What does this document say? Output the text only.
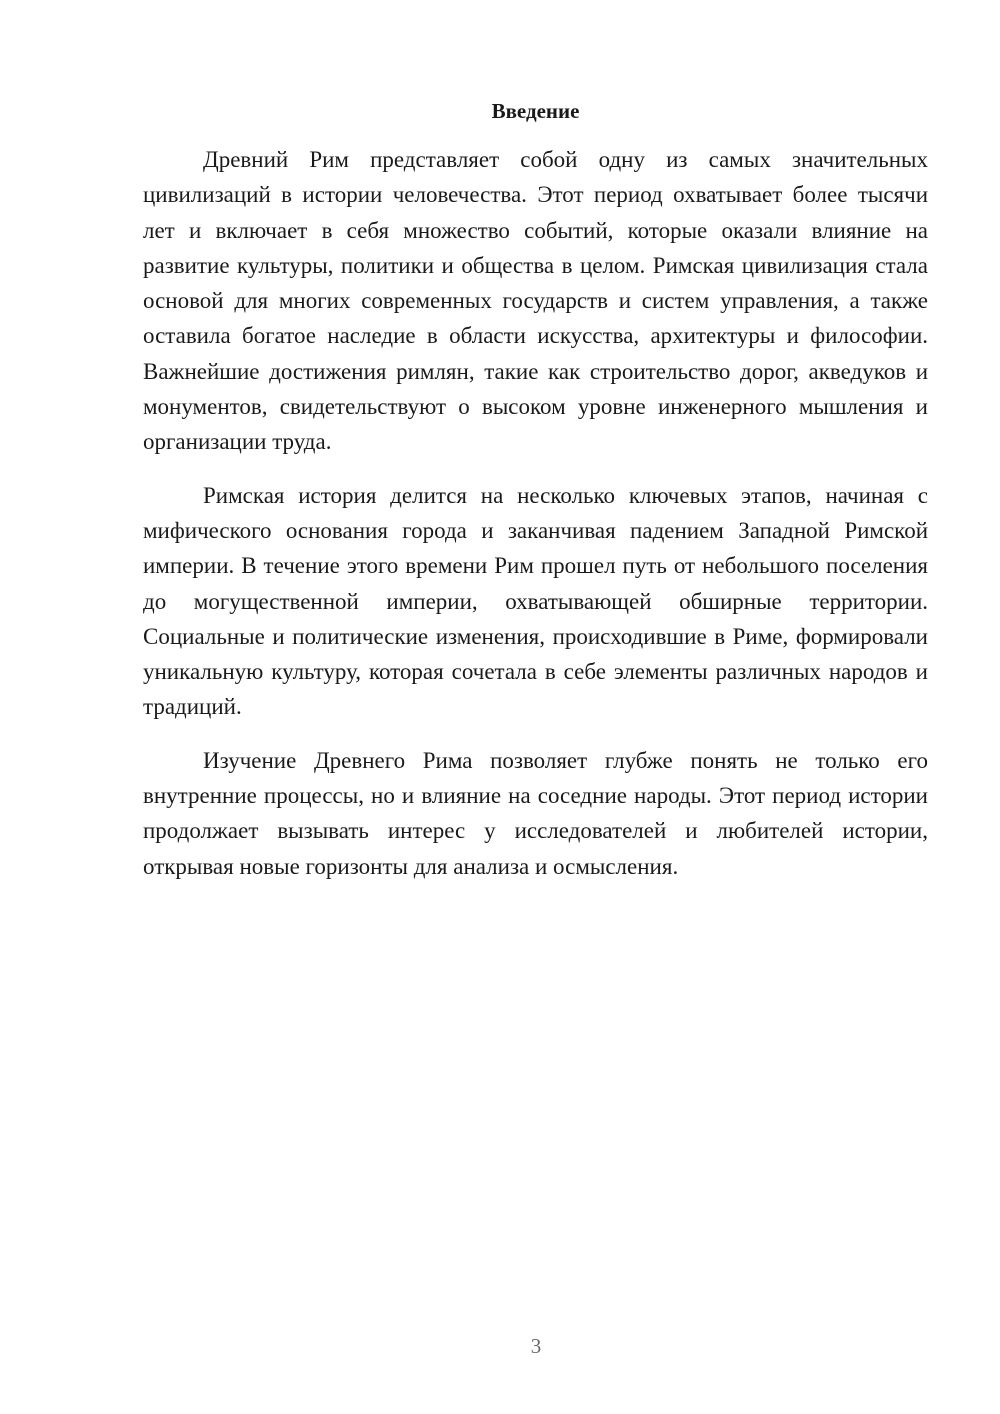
Введение

Древний Рим представляет собой одну из самых значительных цивилизаций в истории человечества. Этот период охватывает более тысячи лет и включает в себя множество событий, которые оказали влияние на развитие культуры, политики и общества в целом. Римская цивилизация стала основой для многих современных государств и систем управления, а также оставила богатое наследие в области искусства, архитектуры и философии. Важнейшие достижения римлян, такие как строительство дорог, акведуков и монументов, свидетельствуют о высоком уровне инженерного мышления и организации труда.

Римская история делится на несколько ключевых этапов, начиная с мифического основания города и заканчивая падением Западной Римской империи. В течение этого времени Рим прошел путь от небольшого поселения до могущественной империи, охватывающей обширные территории. Социальные и политические изменения, происходившие в Риме, формировали уникальную культуру, которая сочетала в себе элементы различных народов и традиций.

Изучение Древнего Рима позволяет глубже понять не только его внутренние процессы, но и влияние на соседние народы. Этот период истории продолжает вызывать интерес у исследователей и любителей истории, открывая новые горизонты для анализа и осмысления.

3
